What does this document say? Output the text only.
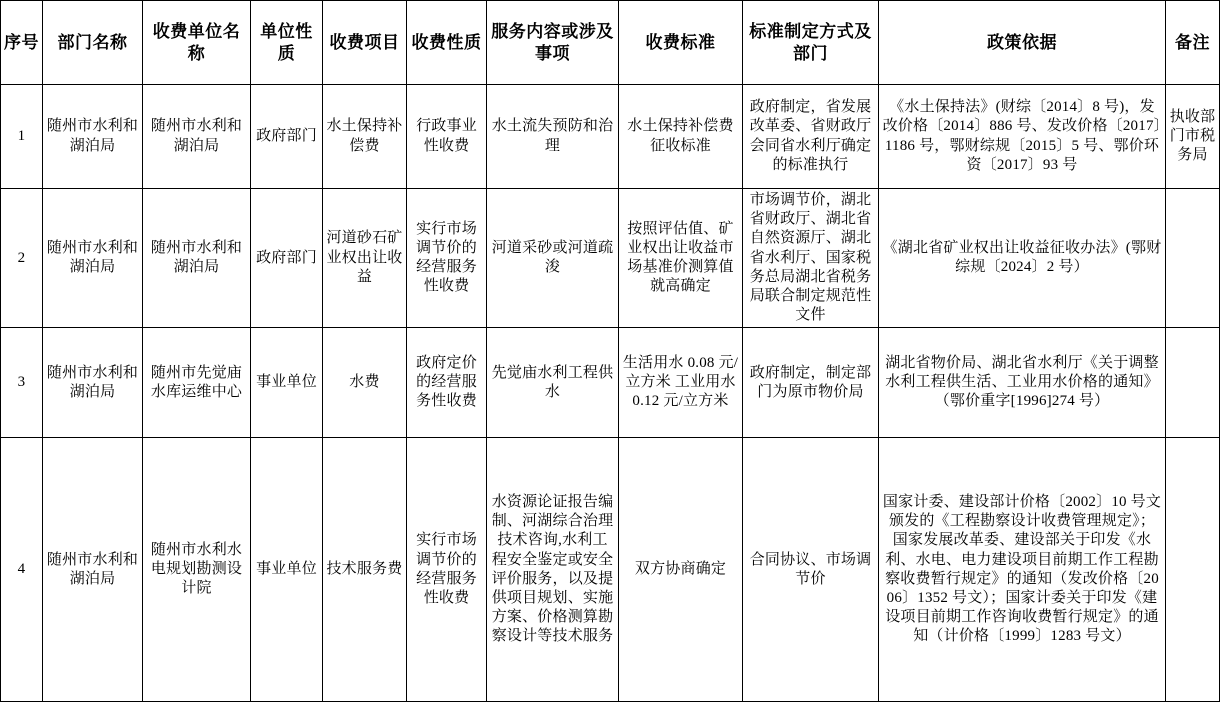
序号	部门名称	收费单位名称	单位性质	收费项目	收费性质	服务内容或涉及事项	收费标准	标准制定方式及部门	政策依据	备注
1	随州市水利和湖泊局	随州市水利和湖泊局	政府部门	水土保持补偿费	行政事业性收费	水土流失预防和治理	水土保持补偿费征收标准	政府制定，省发展改革委、省财政厅会同省水利厅确定的标准执行	《水土保持法》(财综〔2014〕8 号)，发改价格〔2014〕886 号、发改价格〔2017〕1186 号，鄂财综规〔2015〕5 号、鄂价环资〔2017〕93 号	执收部门市税务局
2	随州市水利和湖泊局	随州市水利和湖泊局	政府部门	河道砂石矿业权出让收益	实行市场调节价的经营服务性收费	河道采砂或河道疏浚	按照评估值、矿业权出让收益市场基准价测算值就高确定	市场调节价，湖北省财政厅、湖北省自然资源厅、湖北省水利厅、国家税务总局湖北省税务局联合制定规范性文件	《湖北省矿业权出让收益征收办法》(鄂财综规〔2024〕2 号）	
3	随州市水利和湖泊局	随州市先觉庙水库运维中心	事业单位	水费	政府定价的经营服务性收费	先觉庙水利工程供水	生活用水 0.08 元/立方米 工业用水 0.12 元/立方米	政府制定，制定部门为原市物价局	湖北省物价局、湖北省水利厅《关于调整水利工程供生活、工业用水价格的通知》（鄂价重字[1996]274 号）	
4	随州市水利和湖泊局	随州市水利水电规划勘测设计院	事业单位	技术服务费	实行市场调节价的经营服务性收费	水资源论证报告编制、河湖综合治理技术咨询,水利工程安全鉴定或安全评价服务，以及提供项目规划、实施方案、价格测算勘察设计等技术服务	双方协商确定	合同协议、市场调节价	国家计委、建设部计价格〔2002〕10 号文颁发的《工程勘察设计收费管理规定》；国家发展改革委、建设部关于印发《水利、水电、电力建设项目前期工作工程勘察收费暂行规定》的通知（发改价格〔2006〕1352 号文）；国家计委关于印发《建设项目前期工作咨询收费暂行规定》的通知（计价格〔1999〕1283 号文）	
